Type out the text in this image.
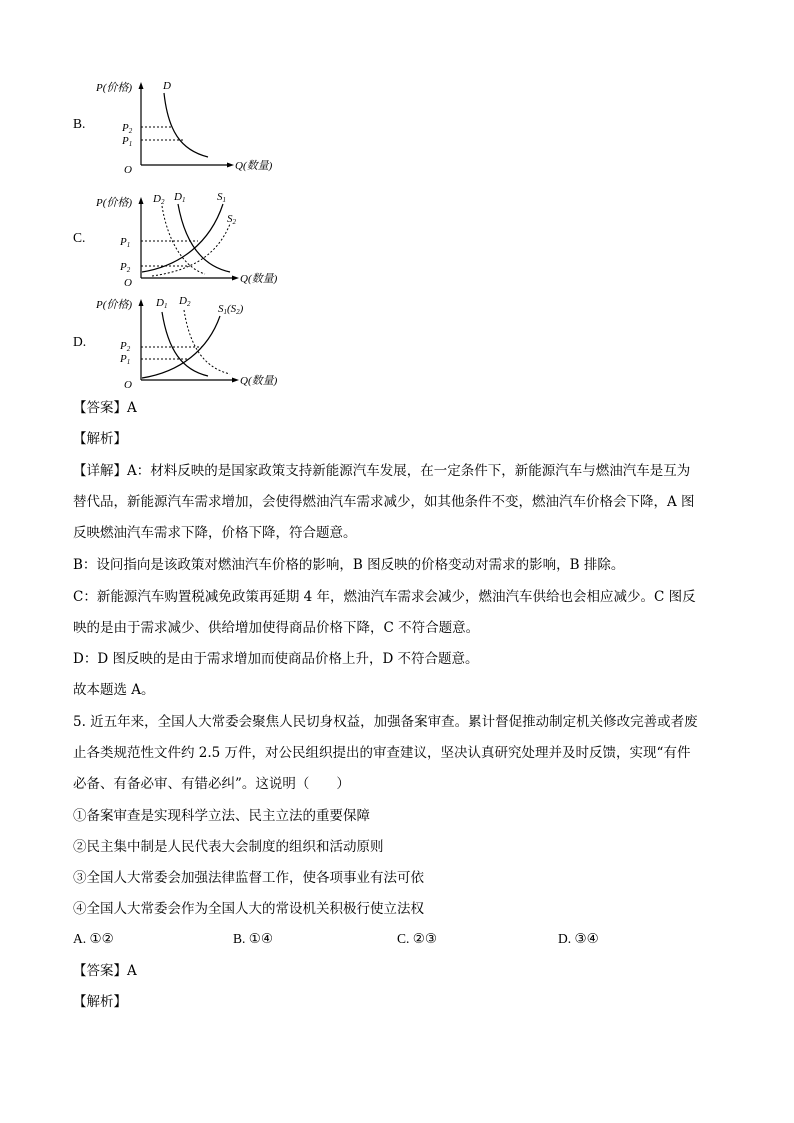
B.
P(价格)	D
Q(数量)
O
P2
P1
C.
P(价格) D2 D1	S1
S2
Q(数量)
O
P1
P2
D.
P(价格) D1 D2	S1(S2)
Q(数量)
O
P2
P1
【答案】A
【解析】
【详解】A：材料反映的是国家政策支持新能源汽车发展，在一定条件下，新能源汽车与燃油汽车是互为
替代品，新能源汽车需求增加，会使得燃油汽车需求减少，如其他条件不变，燃油汽车价格会下降，A 图
反映燃油汽车需求下降，价格下降，符合题意。
B：设问指向是该政策对燃油汽车价格的影响，B 图反映的价格变动对需求的影响，B 排除。
C：新能源汽车购置税减免政策再延期 4 年，燃油汽车需求会减少，燃油汽车供给也会相应减少。C 图反
映的是由于需求减少、供给增加使得商品价格下降，C 不符合题意。
D：D 图反映的是由于需求增加而使商品价格上升，D 不符合题意。
故本题选 A。
5. 近五年来，全国人大常委会聚焦人民切身权益，加强备案审查。累计督促推动制定机关修改完善或者废
止各类规范性文件约 2.5 万件，对公民组织提出的审查建议，坚决认真研究处理并及时反馈，实现“有件
必备、有备必审、有错必纠”。这说明（　　）
①备案审查是实现科学立法、民主立法的重要保障
②民主集中制是人民代表大会制度的组织和活动原则
③全国人大常委会加强法律监督工作，使各项事业有法可依
④全国人大常委会作为全国人大的常设机关积极行使立法权
A. ①②	B. ①④	C. ②③	D. ③④
【答案】A
【解析】
